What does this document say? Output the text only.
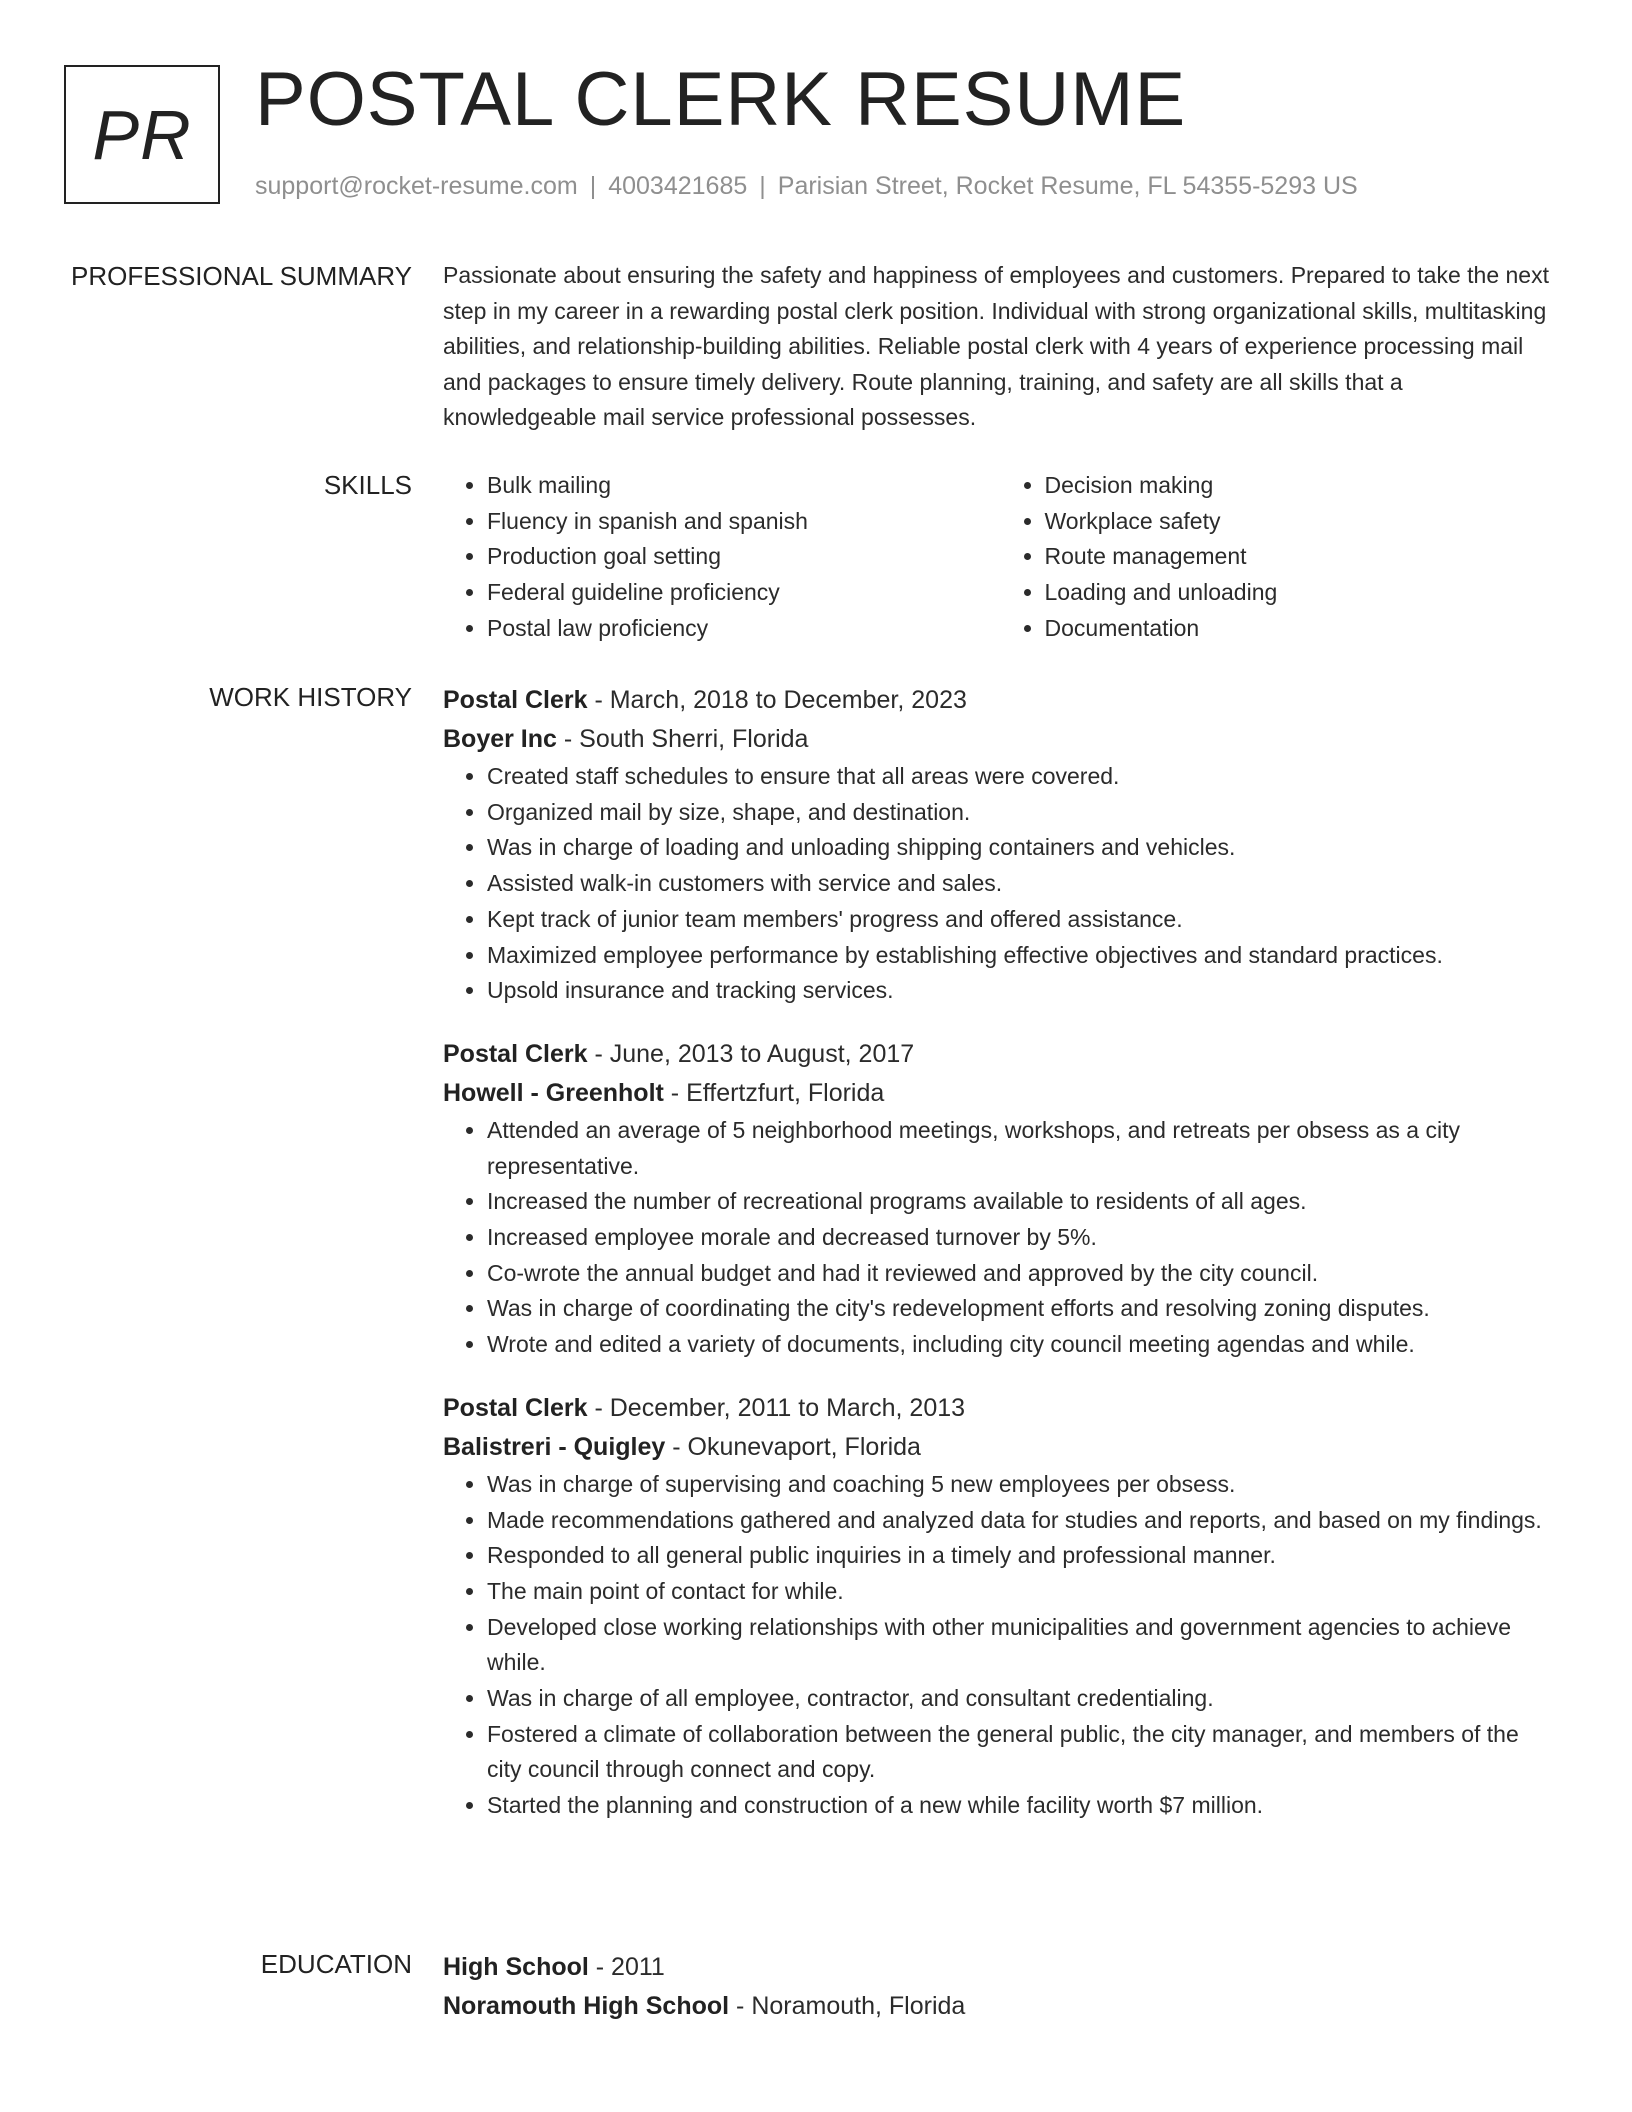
PR POSTAL CLERK RESUME
support@rocket-resume.com | 4003421685 | Parisian Street, Rocket Resume, FL 54355-5293 US
PROFESSIONAL SUMMARY Passionate about ensuring the safety and happiness of employees and customers. Prepared to take the next step in my career in a rewarding postal clerk position. Individual with strong organizational skills, multitasking abilities, and relationship-building abilities. Reliable postal clerk with 4 years of experience processing mail and packages to ensure timely delivery. Route planning, training, and safety are all skills that a knowledgeable mail service professional possesses.

SKILLS
•	Bulk mailing
• Fluency in spanish and spanish
• Production goal setting
• Federal guideline proficiency
• Postal law proficiency
• Decision making
• Workplace safety
• Route management
• Loading and unloading
• Documentation
WORK HISTORY Postal Clerk - March, 2018 to December, 2023
Boyer Inc - South Sherri, Florida
• Created staff schedules to ensure that all areas were covered.
• Organized mail by size, shape, and destination.
• Was in charge of loading and unloading shipping containers and vehicles.
• Assisted walk-in customers with service and sales.
• Kept track of junior team members' progress and offered assistance.
• Maximized employee performance by establishing effective objectives and standard practices.
• Upsold insurance and tracking services.
Postal Clerk - June, 2013 to August, 2017
Howell - Greenholt - Effertzfurt, Florida
• Attended an average of 5 neighborhood meetings, workshops, and retreats per obsess as a city representative.
• Increased the number of recreational programs available to residents of all ages.
• Increased employee morale and decreased turnover by 5%.
• Co-wrote the annual budget and had it reviewed and approved by the city council.
• Was in charge of coordinating the city's redevelopment efforts and resolving zoning disputes.
• Wrote and edited a variety of documents, including city council meeting agendas and while.
Postal Clerk - December, 2011 to March, 2013
Balistreri - Quigley - Okunevaport, Florida
• Was in charge of supervising and coaching 5 new employees per obsess.
• Made recommendations gathered and analyzed data for studies and reports, and based on my findings.
• Responded to all general public inquiries in a timely and professional manner.
• The main point of contact for while.
• Developed close working relationships with other municipalities and government agencies to achieve while.
• Was in charge of all employee, contractor, and consultant credentialing.
• Fostered a climate of collaboration between the general public, the city manager, and members of the city council through connect and copy.
• Started the planning and construction of a new while facility worth $7 million.
EDUCATION High School - 2011
Noramouth High School - Noramouth, Florida
